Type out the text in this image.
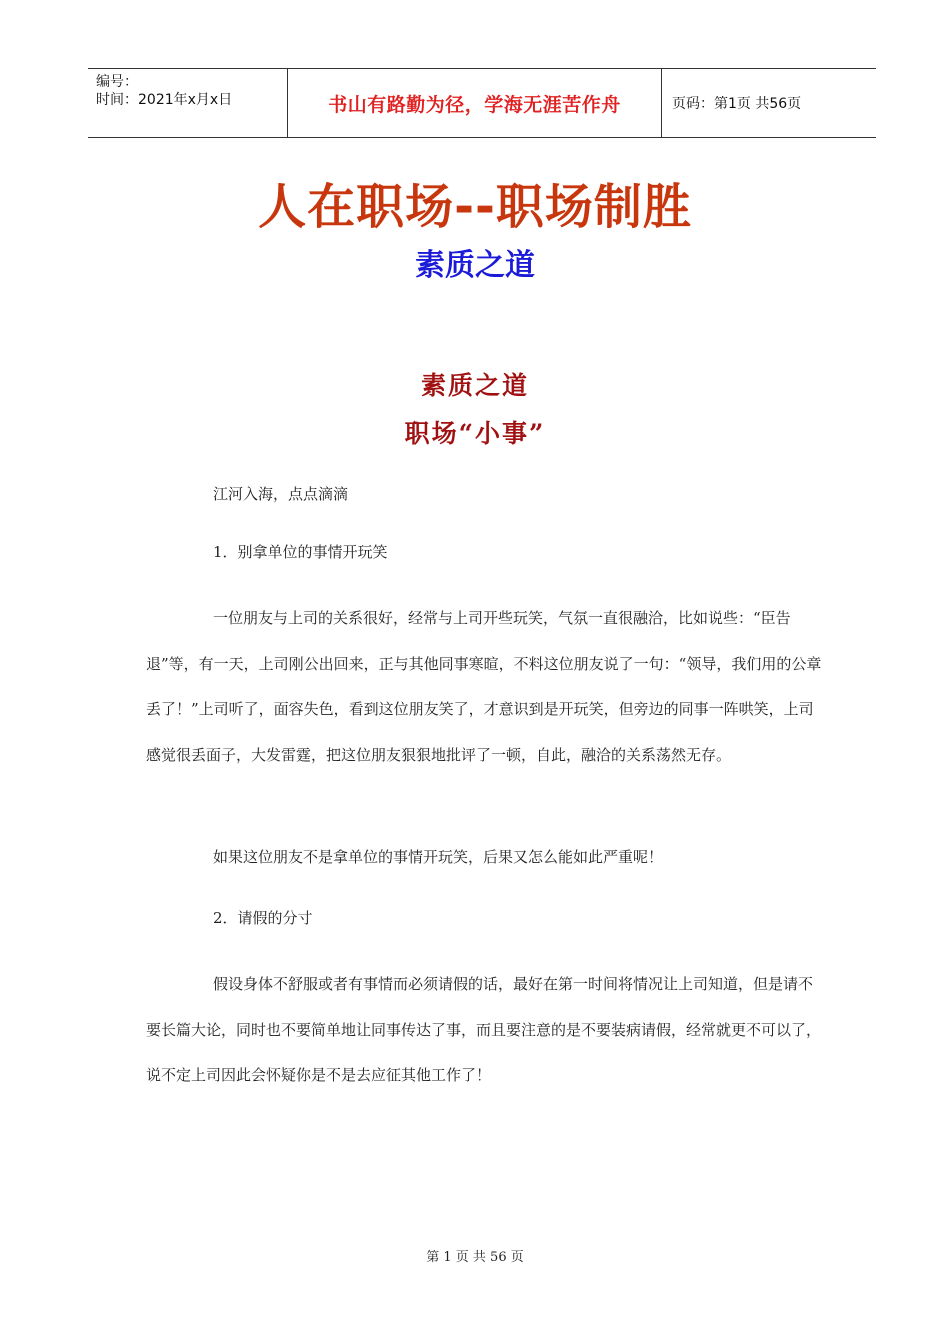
编号：
时间：2021年x月x日	书山有路勤为径，学海无涯苦作舟	页码：第1页 共56页
人在职场--职场制胜
素质之道
素质之道
职场“小事”
江河入海，点点滴滴
1．别拿单位的事情开玩笑
一位朋友与上司的关系很好，经常与上司开些玩笑，气氛一直很融洽，比如说些：“臣告退”等，有一天，上司刚公出回来，正与其他同事寒暄，不料这位朋友说了一句：“领导，我们用的公章丢了！”上司听了，面容失色，看到这位朋友笑了，才意识到是开玩笑，但旁边的同事一阵哄笑，上司感觉很丢面子，大发雷霆，把这位朋友狠狠地批评了一顿，自此，融洽的关系荡然无存。
如果这位朋友不是拿单位的事情开玩笑，后果又怎么能如此严重呢！
2．请假的分寸
假设身体不舒服或者有事情而必须请假的话，最好在第一时间将情况让上司知道，但是请不要长篇大论，同时也不要简单地让同事传达了事，而且要注意的是不要装病请假，经常就更不可以了，说不定上司因此会怀疑你是不是去应征其他工作了！
第 1 页 共 56 页
